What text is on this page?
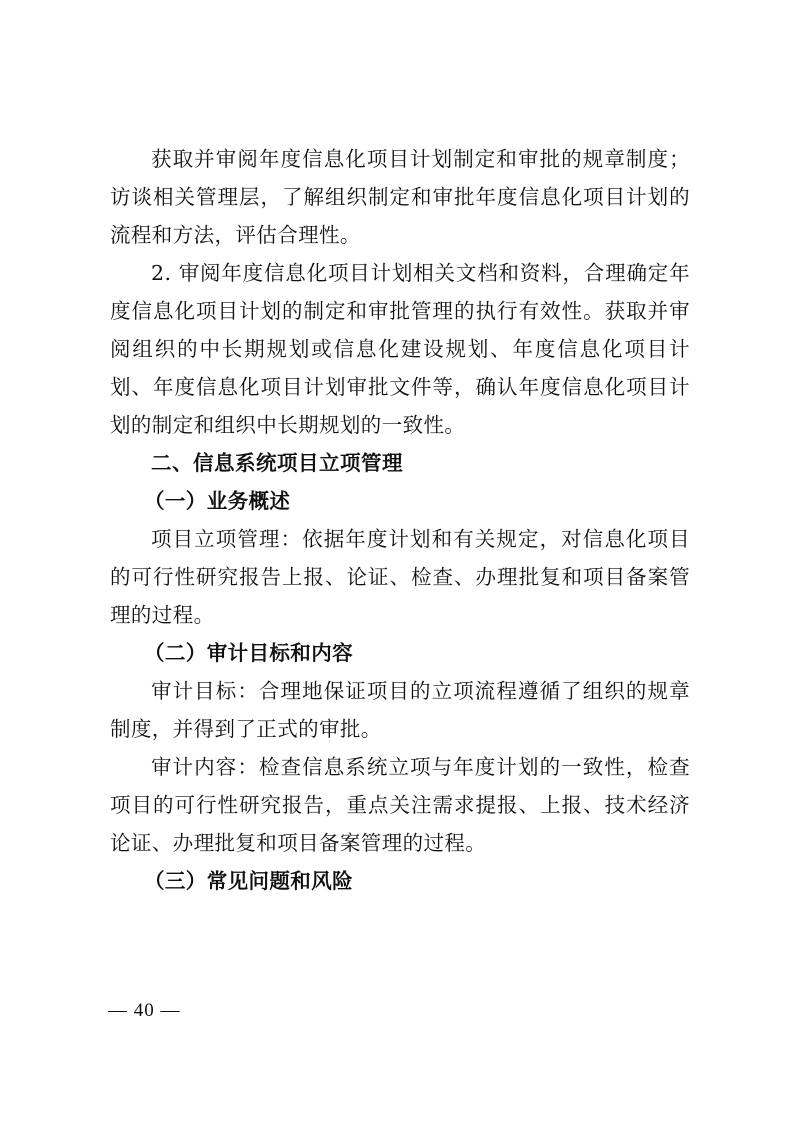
获取并审阅年度信息化项目计划制定和审批的规章制度；访谈相关管理层，了解组织制定和审批年度信息化项目计划的流程和方法，评估合理性。

2. 审阅年度信息化项目计划相关文档和资料，合理确定年度信息化项目计划的制定和审批管理的执行有效性。获取并审阅组织的中长期规划或信息化建设规划、年度信息化项目计划、年度信息化项目计划审批文件等，确认年度信息化项目计划的制定和组织中长期规划的一致性。

二、信息系统项目立项管理

（一）业务概述

项目立项管理：依据年度计划和有关规定，对信息化项目的可行性研究报告上报、论证、检查、办理批复和项目备案管理的过程。

（二）审计目标和内容

审计目标：合理地保证项目的立项流程遵循了组织的规章制度，并得到了正式的审批。

审计内容：检查信息系统立项与年度计划的一致性，检查项目的可行性研究报告，重点关注需求提报、上报、技术经济论证、办理批复和项目备案管理的过程。

（三）常见问题和风险

— 40 —
